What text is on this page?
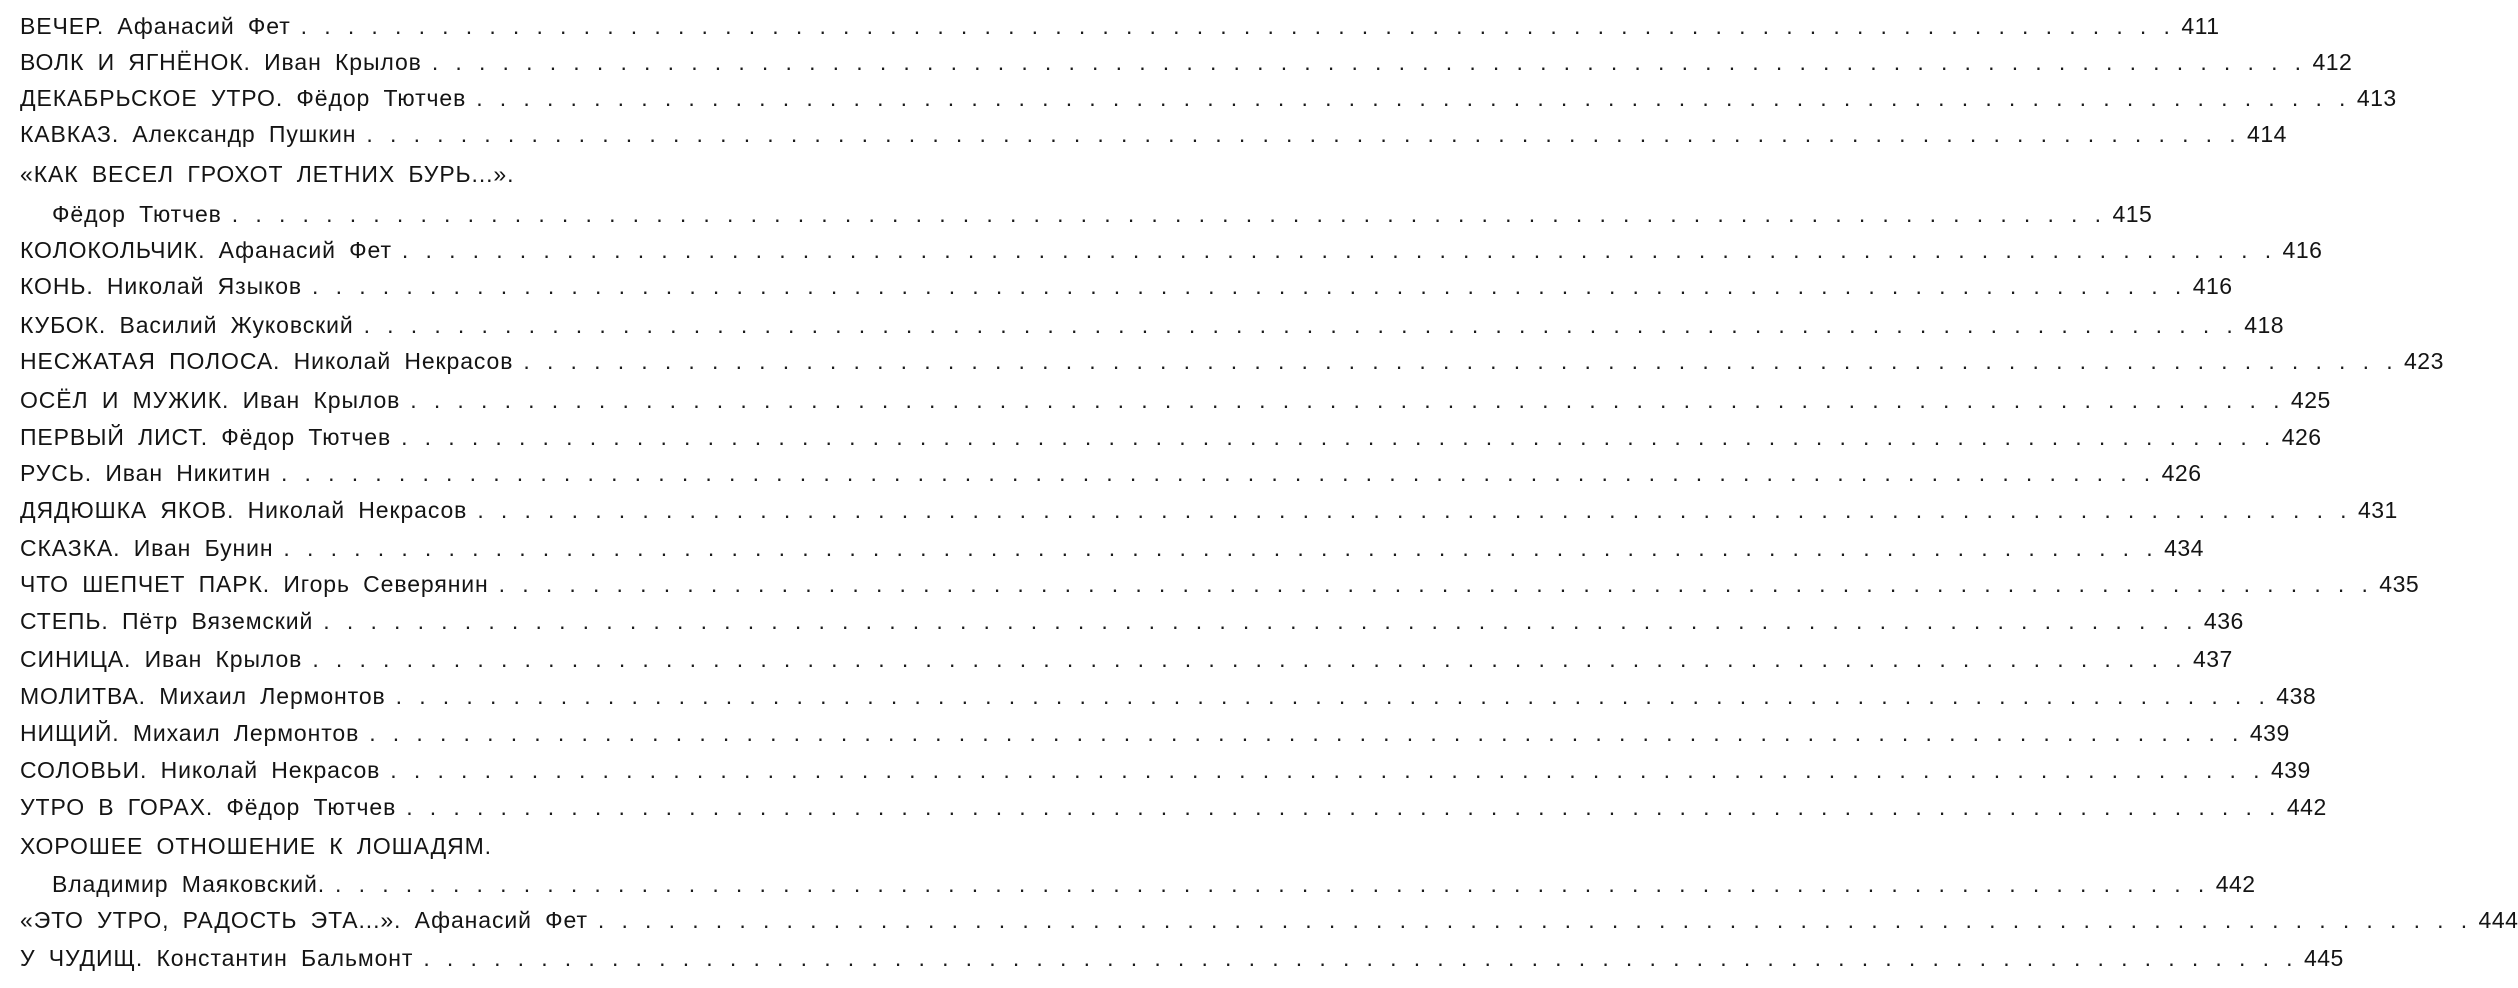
ВЕЧЕР. Афанасий Фет . . . . . . . . . . . . . . . . . . . . . . . . . . . . . . . . . . . . . . . . . . . . . . . . . . . . . . . . . . . . . . . . . . . . . . . . . . . . . . . . 411
ВОЛК И ЯГНЁНОК. Иван Крылов . . . . . . . . . . . . . . . . . . . . . . . . . . . . . . . . . . . . . . . . . . . . . . . . . . . . . . . . . . . . . . . . . . . . . . . . . . . . . . . . 412
ДЕКАБРЬСКОЕ УТРО. Фёдор Тютчев . . . . . . . . . . . . . . . . . . . . . . . . . . . . . . . . . . . . . . . . . . . . . . . . . . . . . . . . . . . . . . . . . . . . . . . . . . . . . . . . 413
КАВКАЗ. Александр Пушкин . . . . . . . . . . . . . . . . . . . . . . . . . . . . . . . . . . . . . . . . . . . . . . . . . . . . . . . . . . . . . . . . . . . . . . . . . . . . . . . . 414
«КАК ВЕСЕЛ ГРОХОТ ЛЕТНИХ БУРЬ...».
Фёдор Тютчев . . . . . . . . . . . . . . . . . . . . . . . . . . . . . . . . . . . . . . . . . . . . . . . . . . . . . . . . . . . . . . . . . . . . . . . . . . . . . . . . 415
КОЛОКОЛЬЧИК. Афанасий Фет . . . . . . . . . . . . . . . . . . . . . . . . . . . . . . . . . . . . . . . . . . . . . . . . . . . . . . . . . . . . . . . . . . . . . . . . . . . . . . . . 416
КОНЬ. Николай Языков . . . . . . . . . . . . . . . . . . . . . . . . . . . . . . . . . . . . . . . . . . . . . . . . . . . . . . . . . . . . . . . . . . . . . . . . . . . . . . . . 416
КУБОК. Василий Жуковский . . . . . . . . . . . . . . . . . . . . . . . . . . . . . . . . . . . . . . . . . . . . . . . . . . . . . . . . . . . . . . . . . . . . . . . . . . . . . . . . 418
НЕСЖАТАЯ ПОЛОСА. Николай Некрасов . . . . . . . . . . . . . . . . . . . . . . . . . . . . . . . . . . . . . . . . . . . . . . . . . . . . . . . . . . . . . . . . . . . . . . . . . . . . . . . . 423
ОСЁЛ И МУЖИК. Иван Крылов . . . . . . . . . . . . . . . . . . . . . . . . . . . . . . . . . . . . . . . . . . . . . . . . . . . . . . . . . . . . . . . . . . . . . . . . . . . . . . . . 425
ПЕРВЫЙ ЛИСТ. Фёдор Тютчев . . . . . . . . . . . . . . . . . . . . . . . . . . . . . . . . . . . . . . . . . . . . . . . . . . . . . . . . . . . . . . . . . . . . . . . . . . . . . . . . 426
РУСЬ. Иван Никитин . . . . . . . . . . . . . . . . . . . . . . . . . . . . . . . . . . . . . . . . . . . . . . . . . . . . . . . . . . . . . . . . . . . . . . . . . . . . . . . . 426
ДЯДЮШКА ЯКОВ. Николай Некрасов . . . . . . . . . . . . . . . . . . . . . . . . . . . . . . . . . . . . . . . . . . . . . . . . . . . . . . . . . . . . . . . . . . . . . . . . . . . . . . . . 431
СКАЗКА. Иван Бунин . . . . . . . . . . . . . . . . . . . . . . . . . . . . . . . . . . . . . . . . . . . . . . . . . . . . . . . . . . . . . . . . . . . . . . . . . . . . . . . . 434
ЧТО ШЕПЧЕТ ПАРК. Игорь Северянин . . . . . . . . . . . . . . . . . . . . . . . . . . . . . . . . . . . . . . . . . . . . . . . . . . . . . . . . . . . . . . . . . . . . . . . . . . . . . . . . 435
СТЕПЬ. Пётр Вяземский . . . . . . . . . . . . . . . . . . . . . . . . . . . . . . . . . . . . . . . . . . . . . . . . . . . . . . . . . . . . . . . . . . . . . . . . . . . . . . . . 436
СИНИЦА. Иван Крылов . . . . . . . . . . . . . . . . . . . . . . . . . . . . . . . . . . . . . . . . . . . . . . . . . . . . . . . . . . . . . . . . . . . . . . . . . . . . . . . . 437
МОЛИТВА. Михаил Лермонтов . . . . . . . . . . . . . . . . . . . . . . . . . . . . . . . . . . . . . . . . . . . . . . . . . . . . . . . . . . . . . . . . . . . . . . . . . . . . . . . . 438
НИЩИЙ. Михаил Лермонтов . . . . . . . . . . . . . . . . . . . . . . . . . . . . . . . . . . . . . . . . . . . . . . . . . . . . . . . . . . . . . . . . . . . . . . . . . . . . . . . . 439
СОЛОВЬИ. Николай Некрасов . . . . . . . . . . . . . . . . . . . . . . . . . . . . . . . . . . . . . . . . . . . . . . . . . . . . . . . . . . . . . . . . . . . . . . . . . . . . . . . . 439
УТРО В ГОРАХ. Фёдор Тютчев . . . . . . . . . . . . . . . . . . . . . . . . . . . . . . . . . . . . . . . . . . . . . . . . . . . . . . . . . . . . . . . . . . . . . . . . . . . . . . . . 442
ХОРОШЕЕ ОТНОШЕНИЕ К ЛОШАДЯМ.
Владимир Маяковский. . . . . . . . . . . . . . . . . . . . . . . . . . . . . . . . . . . . . . . . . . . . . . . . . . . . . . . . . . . . . . . . . . . . . . . . . . . . . . . . . 442
«ЭТО УТРО, РАДОСТЬ ЭТА...». Афанасий Фет . . . . . . . . . . . . . . . . . . . . . . . . . . . . . . . . . . . . . . . . . . . . . . . . . . . . . . . . . . . . . . . . . . . . . . . . . . . . . . . . 444
У ЧУДИЩ. Константин Бальмонт . . . . . . . . . . . . . . . . . . . . . . . . . . . . . . . . . . . . . . . . . . . . . . . . . . . . . . . . . . . . . . . . . . . . . . . . . . . . . . . . 445
